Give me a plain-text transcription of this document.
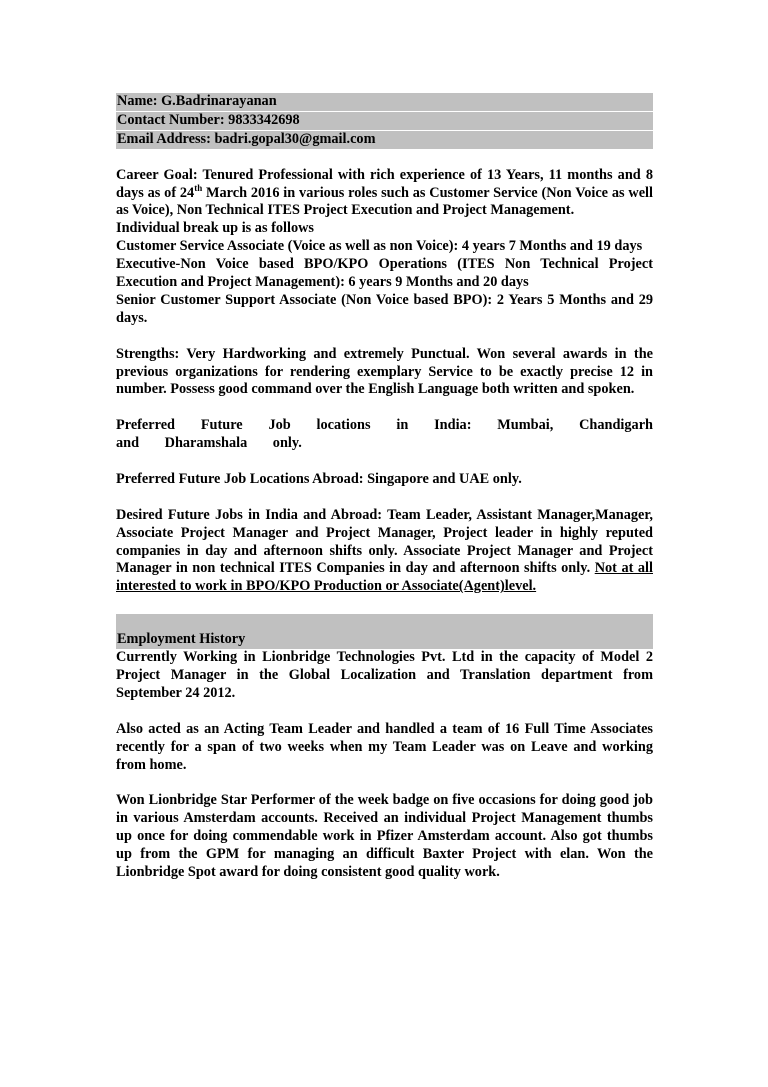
Name: G.Badrinarayanan
Contact Number: 9833342698
Email Address: badri.gopal30@gmail.com

Career Goal: Tenured Professional with rich experience of 13 Years, 11 months and 8 days as of 24th March 2016 in various roles such as Customer Service (Non Voice as well as Voice), Non Technical ITES Project Execution and Project Management.

Individual break up is as follows

Customer Service Associate (Voice as well as non Voice): 4 years 7 Months and 19 days

Executive-Non Voice based BPO/KPO Operations (ITES Non Technical Project Execution and Project Management): 6 years 9 Months and 20 days

Senior Customer Support Associate (Non Voice based BPO): 2 Years 5 Months and 29 days.

Strengths: Very Hardworking and extremely Punctual. Won several awards in the previous organizations for rendering exemplary Service to be exactly precise 12 in number. Possess good command over the English Language both written and spoken.

Preferred Future Job locations in India: Mumbai, Chandigarh and Dharamshala only.

Preferred Future Job Locations Abroad: Singapore and UAE only.

Desired Future Jobs in India and Abroad: Team Leader, Assistant Manager,Manager, Associate Project Manager and Project Manager, Project leader in highly reputed companies in day and afternoon shifts only. Associate Project Manager and Project Manager in non technical ITES Companies in day and afternoon shifts only. Not at all interested to work in BPO/KPO Production or Associate(Agent)level.

Employment History

Currently Working in Lionbridge Technologies Pvt. Ltd in the capacity of Model 2 Project Manager in the Global Localization and Translation department from September 24 2012.

Also acted as an Acting Team Leader and handled a team of 16 Full Time Associates recently for a span of two weeks when my Team Leader was on Leave and working from home.

Won Lionbridge Star Performer of the week badge on five occasions for doing good job in various Amsterdam accounts. Received an individual Project Management thumbs up once for doing commendable work in Pfizer Amsterdam account. Also got thumbs up from the GPM for managing an difficult Baxter Project with elan. Won the Lionbridge Spot award for doing consistent good quality work.
